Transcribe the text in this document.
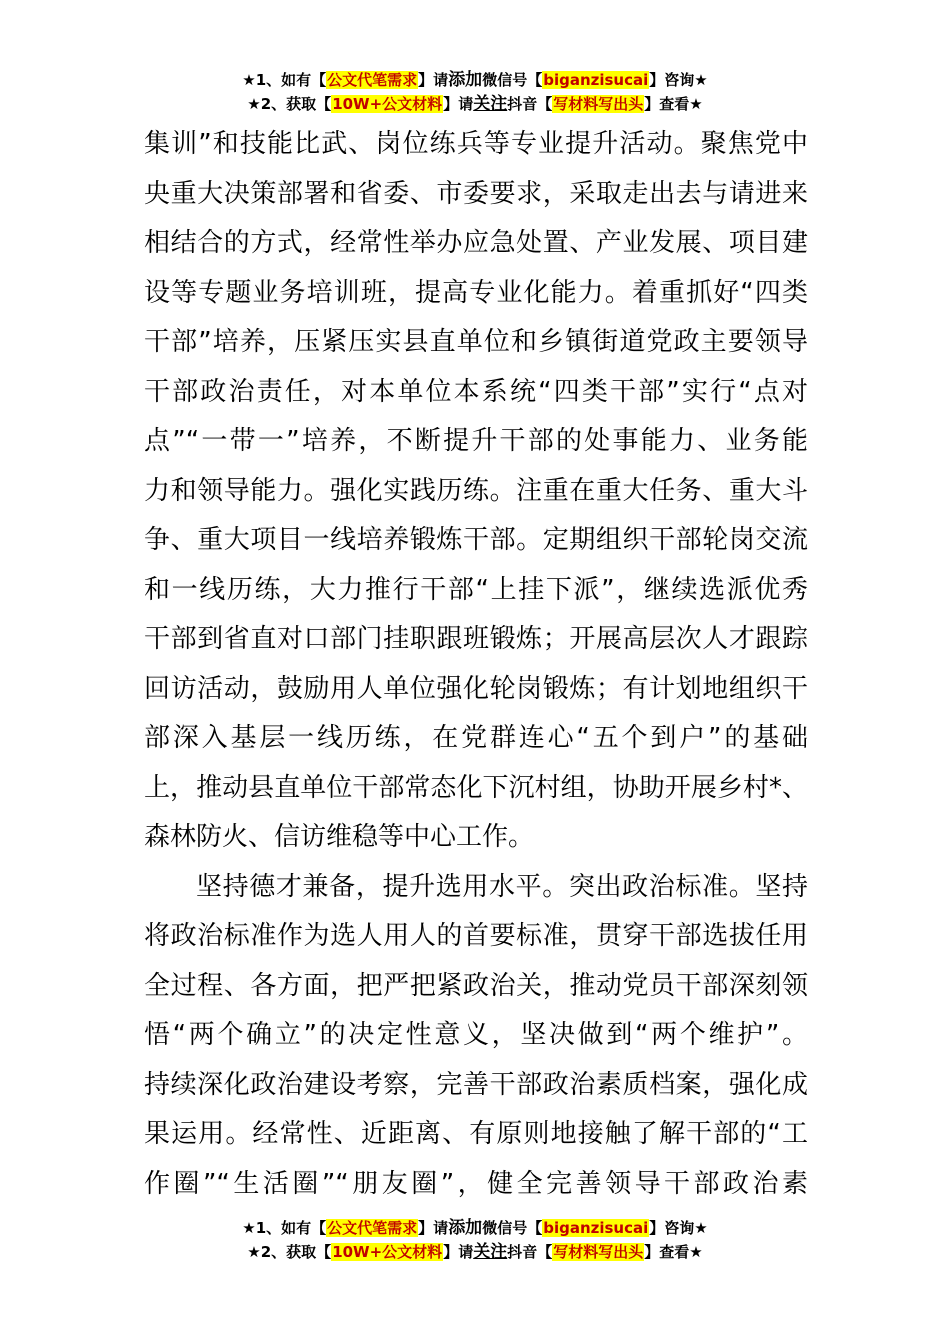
★1、如有【公文代笔需求】请添加微信号【biganzisucai】咨询★
★2、获取【10W+公文材料】请关注抖音【写材料写出头】查看★
集训”和技能比武、岗位练兵等专业提升活动。聚焦党中
央重大决策部署和省委、市委要求，采取走出去与请进来
相结合的方式，经常性举办应急处置、产业发展、项目建
设等专题业务培训班，提高专业化能力。着重抓好“四类
干部”培养，压紧压实县直单位和乡镇街道党政主要领导
干部政治责任，对本单位本系统“四类干部”实行“点对
点”“一带一”培养，不断提升干部的处事能力、业务能
力和领导能力。强化实践历练。注重在重大任务、重大斗
争、重大项目一线培养锻炼干部。定期组织干部轮岗交流
和一线历练，大力推行干部“上挂下派”，继续选派优秀
干部到省直对口部门挂职跟班锻炼；开展高层次人才跟踪
回访活动，鼓励用人单位强化轮岗锻炼；有计划地组织干
部深入基层一线历练，在党群连心“五个到户”的基础
上，推动县直单位干部常态化下沉村组，协助开展乡村*、
森林防火、信访维稳等中心工作。
坚持德才兼备，提升选用水平。突出政治标准。坚持
将政治标准作为选人用人的首要标准，贯穿干部选拔任用
全过程、各方面，把严把紧政治关，推动党员干部深刻领
悟“两个确立”的决定性意义，坚决做到“两个维护”。
持续深化政治建设考察，完善干部政治素质档案，强化成
果运用。经常性、近距离、有原则地接触了解干部的“工
作圈”“生活圈”“朋友圈”，健全完善领导干部政治素
★1、如有【公文代笔需求】请添加微信号【biganzisucai】咨询★
★2、获取【10W+公文材料】请关注抖音【写材料写出头】查看★
